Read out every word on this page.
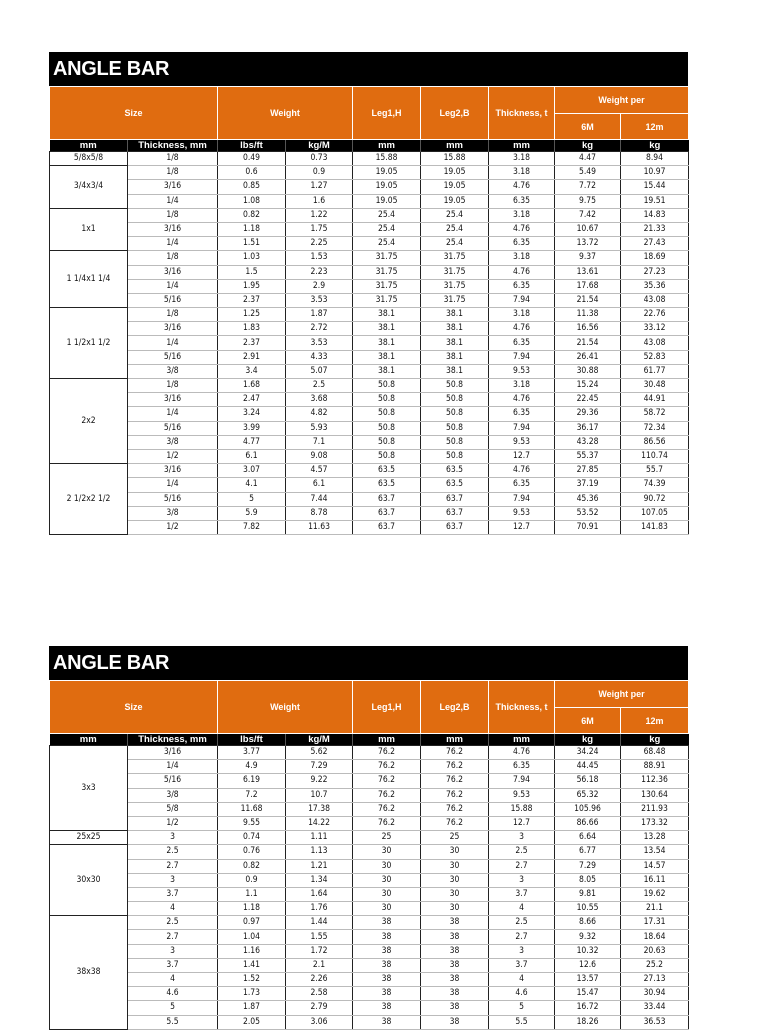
ANGLE BAR
Size		Weight		Leg1,H	Leg2,B	Thickness, t	Weight per	
							6M	12m
mm	Thickness, mm	lbs/ft	kg/M	mm	mm	mm	kg	kg
5/8x5/8	1/8	0.49	0.73	15.88	15.88	3.18	4.47	8.94
3/4x3/4	1/8	0.6	0.9	19.05	19.05	3.18	5.49	10.97
	3/16	0.85	1.27	19.05	19.05	4.76	7.72	15.44
	1/4	1.08	1.6	19.05	19.05	6.35	9.75	19.51
1x1	1/8	0.82	1.22	25.4	25.4	3.18	7.42	14.83
	3/16	1.18	1.75	25.4	25.4	4.76	10.67	21.33
	1/4	1.51	2.25	25.4	25.4	6.35	13.72	27.43
1 1/4x1 1/4	1/8	1.03	1.53	31.75	31.75	3.18	9.37	18.69
	3/16	1.5	2.23	31.75	31.75	4.76	13.61	27.23
	1/4	1.95	2.9	31.75	31.75	6.35	17.68	35.36
	5/16	2.37	3.53	31.75	31.75	7.94	21.54	43.08
1 1/2x1 1/2	1/8	1.25	1.87	38.1	38.1	3.18	11.38	22.76
	3/16	1.83	2.72	38.1	38.1	4.76	16.56	33.12
	1/4	2.37	3.53	38.1	38.1	6.35	21.54	43.08
	5/16	2.91	4.33	38.1	38.1	7.94	26.41	52.83
	3/8	3.4	5.07	38.1	38.1	9.53	30.88	61.77
2x2	1/8	1.68	2.5	50.8	50.8	3.18	15.24	30.48
	3/16	2.47	3.68	50.8	50.8	4.76	22.45	44.91
	1/4	3.24	4.82	50.8	50.8	6.35	29.36	58.72
	5/16	3.99	5.93	50.8	50.8	7.94	36.17	72.34
	3/8	4.77	7.1	50.8	50.8	9.53	43.28	86.56
	1/2	6.1	9.08	50.8	50.8	12.7	55.37	110.74
2 1/2x2 1/2	3/16	3.07	4.57	63.5	63.5	4.76	27.85	55.7
	1/4	4.1	6.1	63.5	63.5	6.35	37.19	74.39
	5/16	5	7.44	63.7	63.7	7.94	45.36	90.72
	3/8	5.9	8.78	63.7	63.7	9.53	53.52	107.05
	1/2	7.82	11.63	63.7	63.7	12.7	70.91	141.83
ANGLE BAR
Size		Weight		Leg1,H	Leg2,B	Thickness, t	Weight per	
							6M	12m
mm	Thickness, mm	lbs/ft	kg/M	mm	mm	mm	kg	kg
3x3	3/16	3.77	5.62	76.2	76.2	4.76	34.24	68.48
	1/4	4.9	7.29	76.2	76.2	6.35	44.45	88.91
	5/16	6.19	9.22	76.2	76.2	7.94	56.18	112.36
	3/8	7.2	10.7	76.2	76.2	9.53	65.32	130.64
	5/8	11.68	17.38	76.2	76.2	15.88	105.96	211.93
	1/2	9.55	14.22	76.2	76.2	12.7	86.66	173.32
25x25	3	0.74	1.11	25	25	3	6.64	13.28
30x30	2.5	0.76	1.13	30	30	2.5	6.77	13.54
	2.7	0.82	1.21	30	30	2.7	7.29	14.57
	3	0.9	1.34	30	30	3	8.05	16.11
	3.7	1.1	1.64	30	30	3.7	9.81	19.62
	4	1.18	1.76	30	30	4	10.55	21.1
38x38	2.5	0.97	1.44	38	38	2.5	8.66	17.31
	2.7	1.04	1.55	38	38	2.7	9.32	18.64
	3	1.16	1.72	38	38	3	10.32	20.63
	3.7	1.41	2.1	38	38	3.7	12.6	25.2
	4	1.52	2.26	38	38	4	13.57	27.13
	4.6	1.73	2.58	38	38	4.6	15.47	30.94
	5	1.87	2.79	38	38	5	16.72	33.44
	5.5	2.05	3.06	38	38	5.5	18.26	36.53
